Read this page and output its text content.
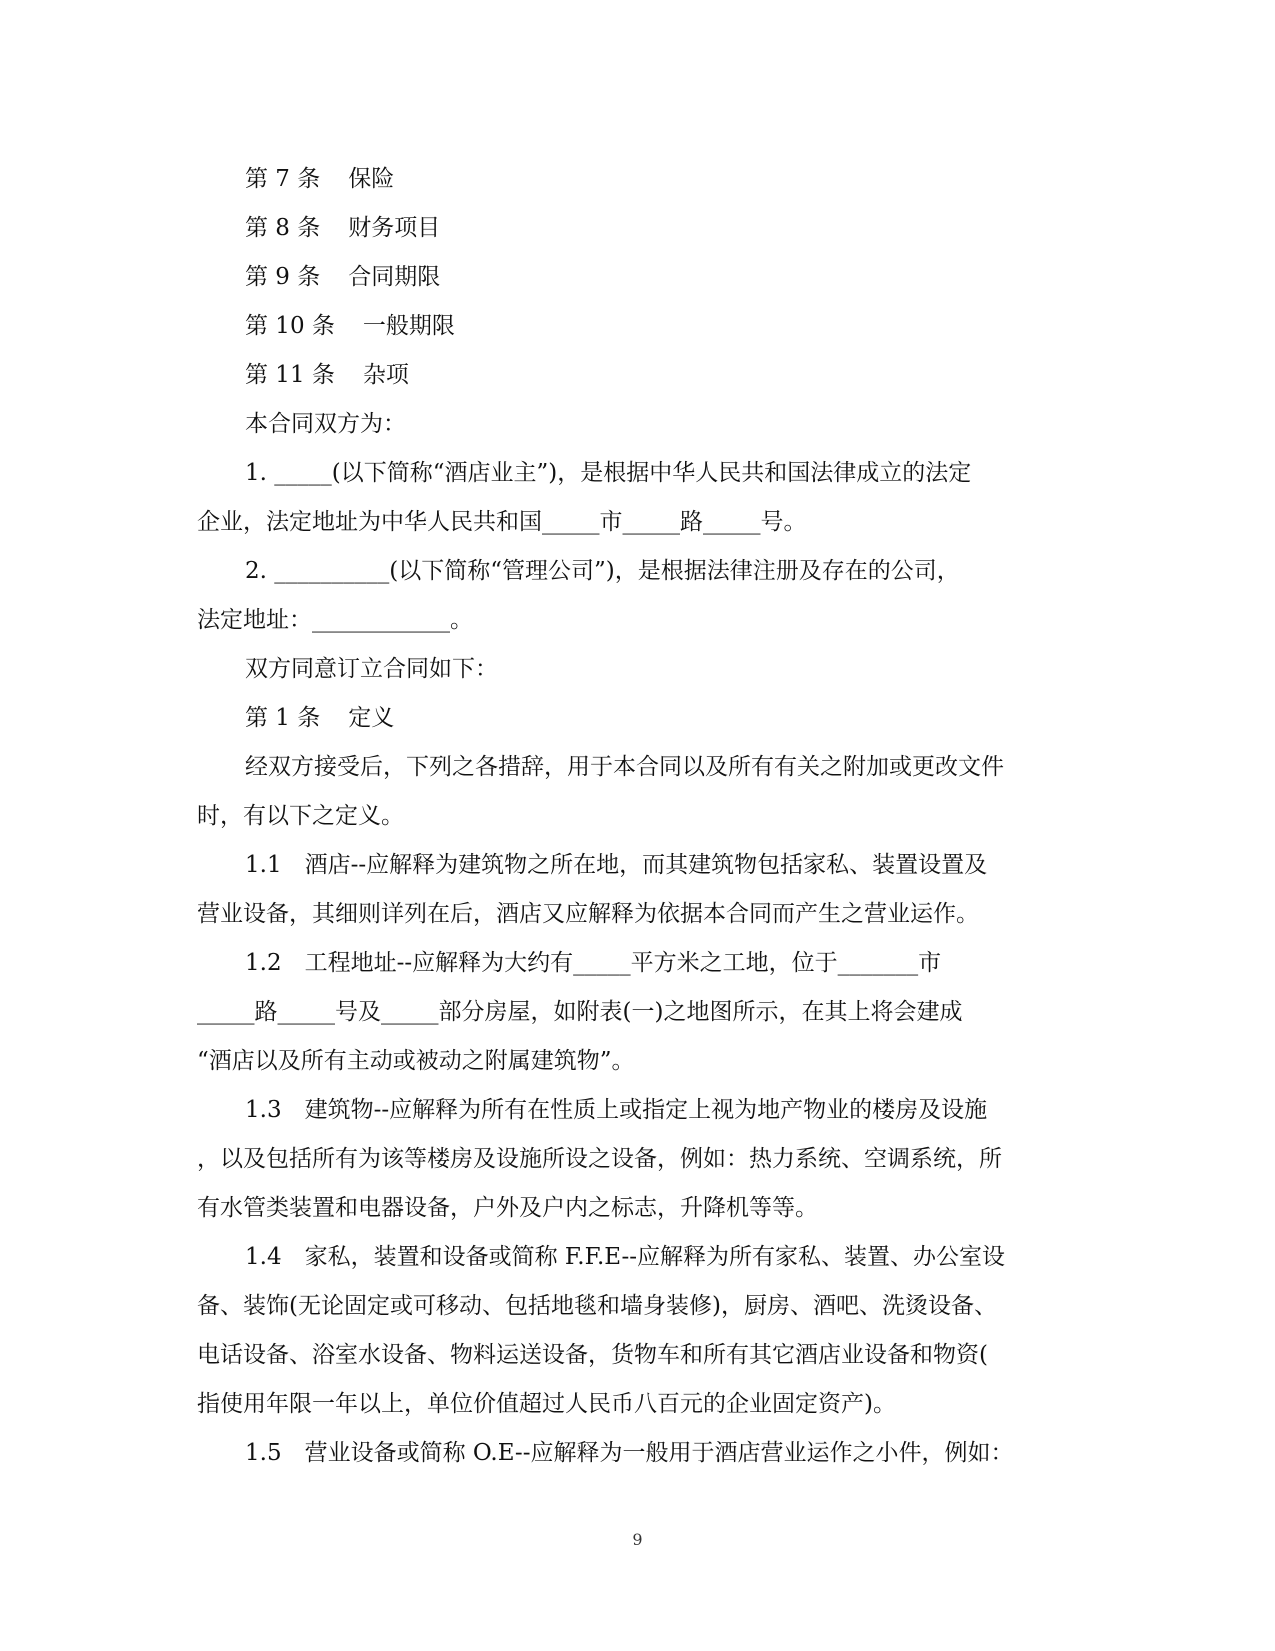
第 7 条 保险
第 8 条 财务项目
第 9 条 合同期限
第 10 条 一般期限
第 11 条 杂项
本合同双方为：
1. _____(以下简称“酒店业主”)，是根据中华人民共和国法律成立的法定
企业，法定地址为中华人民共和国_____市_____路_____号。
2. __________(以下简称“管理公司”)，是根据法律注册及存在的公司，
法定地址：____________。
双方同意订立合同如下：
第 1 条 定义
经双方接受后，下列之各措辞，用于本合同以及所有有关之附加或更改文件
时，有以下之定义。
1.1　酒店--应解释为建筑物之所在地，而其建筑物包括家私、装置设置及
营业设备，其细则详列在后，酒店又应解释为依据本合同而产生之营业运作。
1.2　工程地址--应解释为大约有_____平方米之工地，位于_______市
_____路_____号及_____部分房屋，如附表(一)之地图所示，在其上将会建成
“酒店以及所有主动或被动之附属建筑物”。
1.3　建筑物--应解释为所有在性质上或指定上视为地产物业的楼房及设施
，以及包括所有为该等楼房及设施所设之设备，例如：热力系统、空调系统，所
有水管类装置和电器设备，户外及户内之标志，升降机等等。
1.4　家私，装置和设备或简称 F.F.E--应解释为所有家私、装置、办公室设
备、装饰(无论固定或可移动、包括地毯和墙身装修)，厨房、酒吧、洗烫设备、
电话设备、浴室水设备、物料运送设备，货物车和所有其它酒店业设备和物资(
指使用年限一年以上，单位价值超过人民币八百元的企业固定资产)。
1.5　营业设备或简称 O.E--应解释为一般用于酒店营业运作之小件，例如：
9
